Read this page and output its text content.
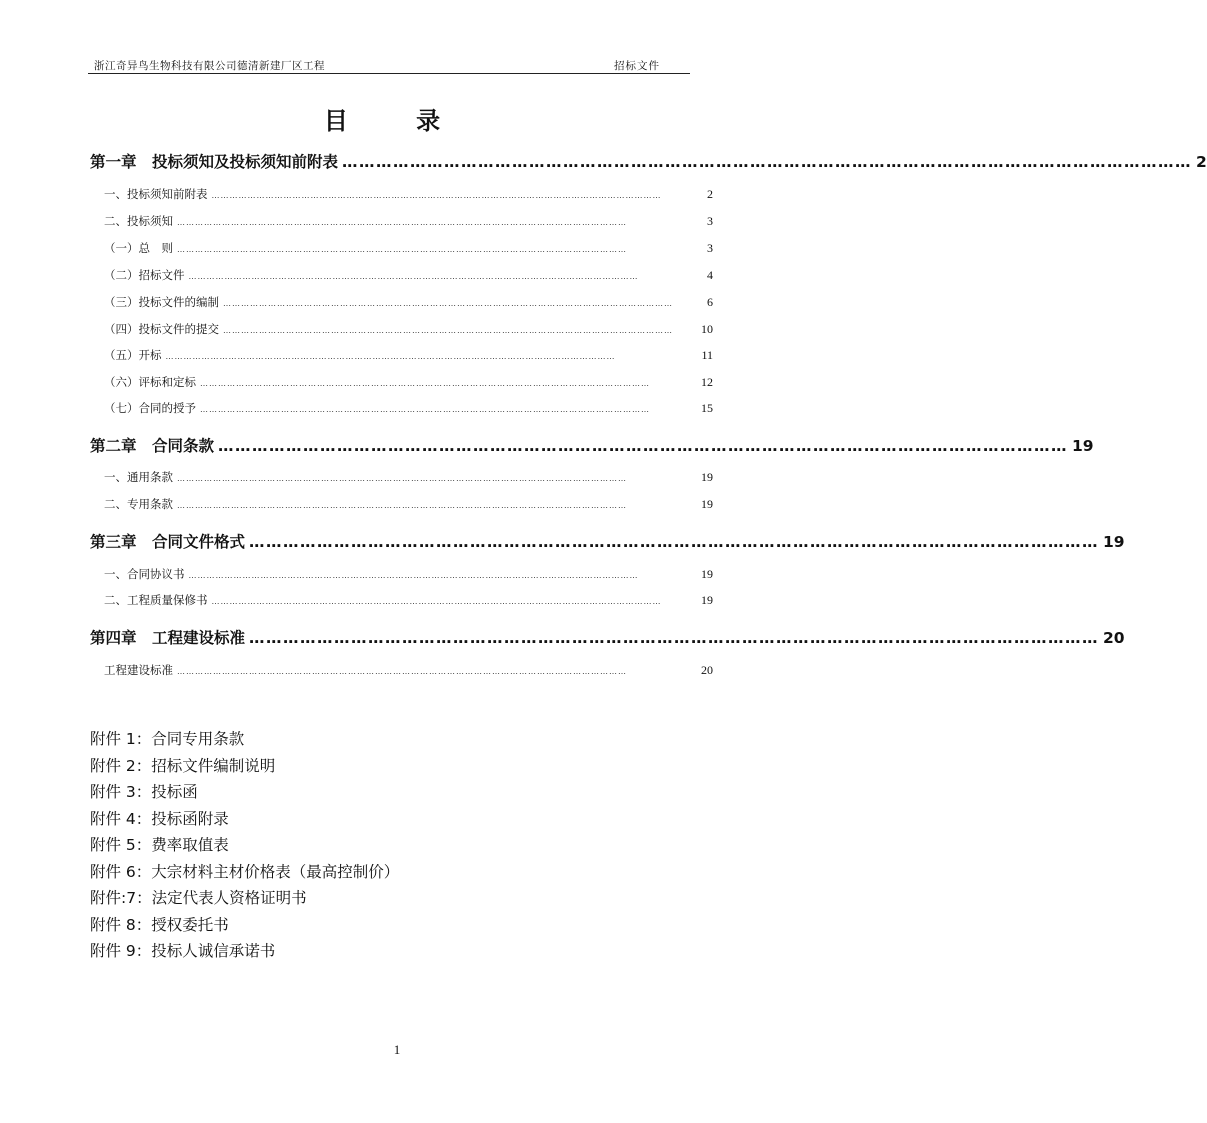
浙江奇异鸟生物科技有限公司德清新建厂区工程	招标文件
目 录
第一章　投标须知及投标须知前附表 …………………………………………………………………………………………………………………………………… 2
一、投标须知前附表 ……………………………………………………………………………………………………………………………………	2
二、投标须知 ……………………………………………………………………………………………………………………………………	3
（一）总　则 ……………………………………………………………………………………………………………………………………	3
（二）招标文件 ……………………………………………………………………………………………………………………………………	4
（三）投标文件的编制 ……………………………………………………………………………………………………………………………………	6
（四）投标文件的提交 ……………………………………………………………………………………………………………………………………	10
（五）开标 ……………………………………………………………………………………………………………………………………	11
（六）评标和定标 ……………………………………………………………………………………………………………………………………	12
（七）合同的授予 ……………………………………………………………………………………………………………………………………	15
第二章　合同条款 …………………………………………………………………………………………………………………………………… 19
一、通用条款 ……………………………………………………………………………………………………………………………………	19
二、专用条款 ……………………………………………………………………………………………………………………………………	19
第三章　合同文件格式 …………………………………………………………………………………………………………………………………… 19
一、合同协议书 ……………………………………………………………………………………………………………………………………	19
二、工程质量保修书 ……………………………………………………………………………………………………………………………………	19
第四章　工程建设标准 …………………………………………………………………………………………………………………………………… 20
工程建设标准 ……………………………………………………………………………………………………………………………………	20
附件 1：合同专用条款
附件 2：招标文件编制说明
附件 3：投标函
附件 4：投标函附录
附件 5：费率取值表
附件 6：大宗材料主材价格表（最高控制价）
附件:7：法定代表人资格证明书
附件 8：授权委托书
附件 9：投标人诚信承诺书
1
